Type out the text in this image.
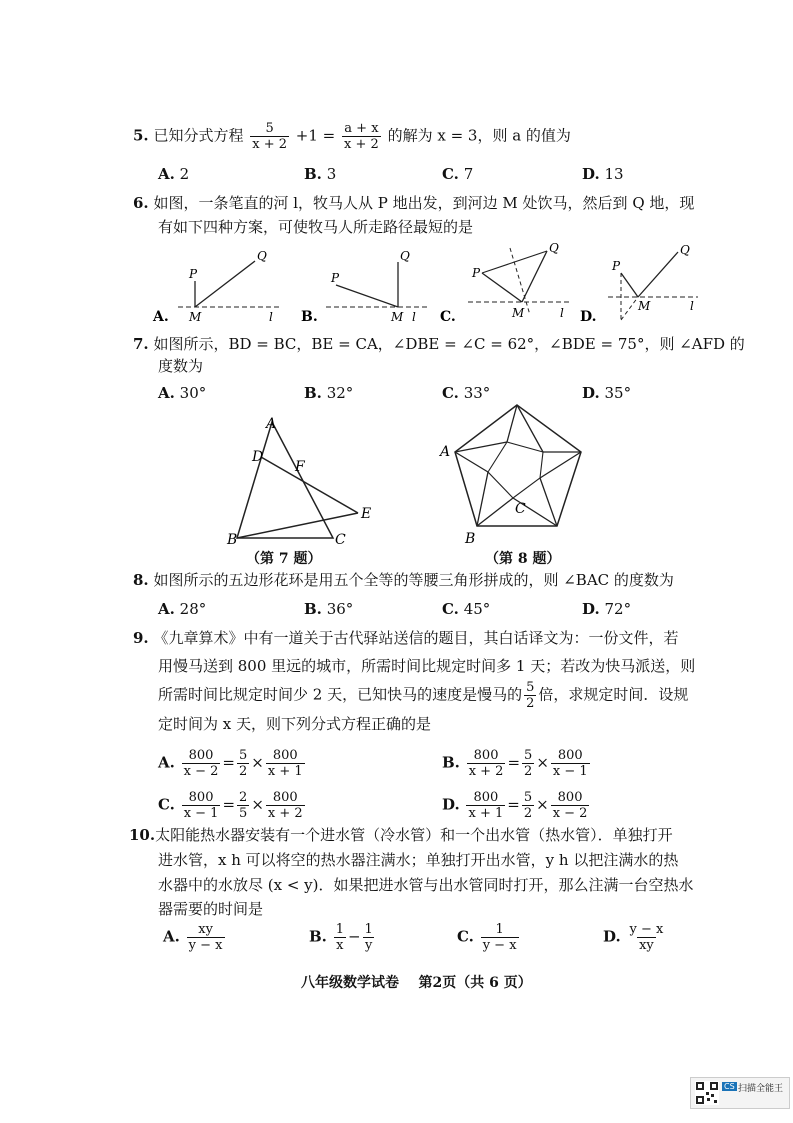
5. 已知分式方程 $\frac{5}{x + 2} +1 = \frac{a + x}{x + 2}$ 的解为 x = 3，则 a 的值为
A. 2	B. 3	C. 7	D. 13
6. 如图，一条笔直的河 l，牧马人从 P 地出发，到河边 M 处饮马，然后到 Q 地，现
有如下四种方案，可使牧马人所走路径最短的是
A.
P
Q
M	l B.
P
Q
M l C.
P
Q
M	l D.
P
Q
M	l
7. 如图所示，BD = BC，BE = CA，∠DBE = ∠C = 62°，∠BDE = 75°，则 ∠AFD 的
度数为
A. 30°	B. 32°	C. 33°	D. 35°
A
D
F
E
B	C
（第 7 题）
A
B
C
（第 8 题）
8. 如图所示的五边形花环是用五个全等的等腰三角形拼成的，则 ∠BAC 的度数为
A. 28°	B. 36°	C. 45°	D. 72°
9. 《九章算术》中有一道关于古代驿站送信的题目，其白话译文为：一份文件，若
用慢马送到 800 里远的城市，所需时间比规定时间多 1 天；若改为快马派送，则
所需时间比规定时间少 2 天，已知快马的速度是慢马的 $\frac{5}{2}$ 倍，求规定时间．设规
定时间为 x 天，则下列分式方程正确的是
A. $\frac{800}{x - 2} = \frac{5}{2} \times \frac{800}{x + 1}$	B. $\frac{800}{x + 2} = \frac{5}{2} \times \frac{800}{x - 1}$
C. $\frac{800}{x - 1} = \frac{2}{5} \times \frac{800}{x + 2}$	D. $\frac{800}{x + 1} = \frac{5}{2} \times \frac{800}{x - 2}$
10.太阳能热水器安装有一个进水管（冷水管）和一个出水管（热水管）．单独打开
进水管，x h 可以将空的热水器注满水；单独打开出水管，y h 以把注满水的热
水器中的水放尽 (x < y)．如果把进水管与出水管同时打开，那么注满一台空热水
器需要的时间是
A. $\frac{xy}{y - x}$	B. $\frac{1}{x} - \frac{1}{y}$	C. $\frac{1}{y - x}$	D. $\frac{y - x}{xy}$
八年级数学试卷 第2页（共 6 页）
CS 扫描全能王
